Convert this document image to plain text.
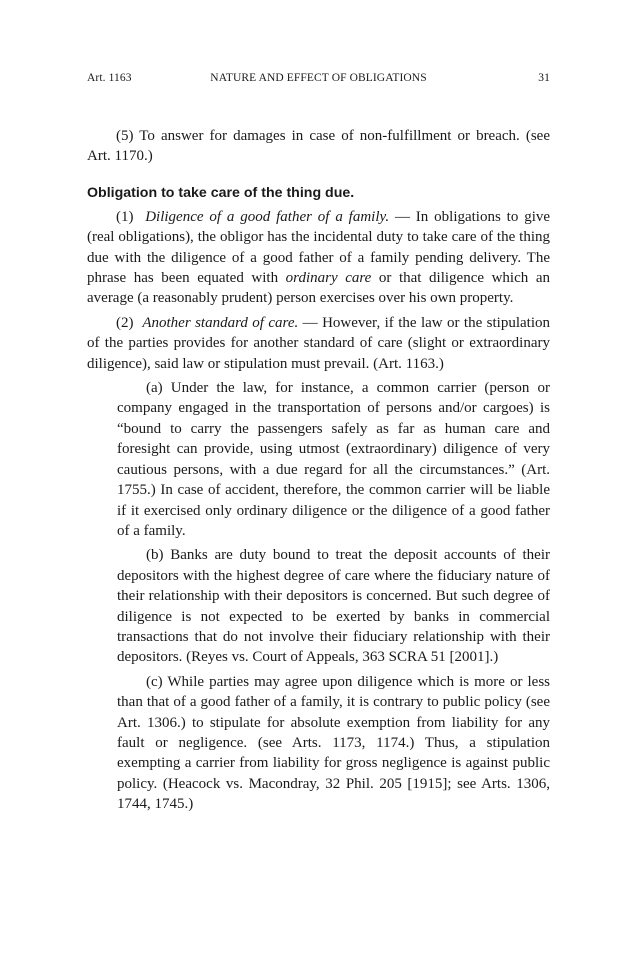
Art. 1163	NATURE AND EFFECT OF OBLIGATIONS	31

(5) To answer for damages in case of non-fulfillment or breach. (see Art. 1170.)

Obligation to take care of the thing due.

(1) Diligence of a good father of a family. — In obligations to give (real obligations), the obligor has the incidental duty to take care of the thing due with the diligence of a good father of a family pending delivery. The phrase has been equated with ordinary care or that diligence which an average (a reasonably prudent) person exercises over his own property.

(2) Another standard of care. — However, if the law or the stipulation of the parties provides for another standard of care (slight or extraordinary diligence), said law or stipulation must prevail. (Art. 1163.)

(a) Under the law, for instance, a common carrier (person or company engaged in the transportation of persons and/or cargoes) is “bound to carry the passengers safely as far as human care and foresight can provide, using utmost (extraordinary) diligence of very cautious persons, with a due regard for all the circumstances.” (Art. 1755.) In case of accident, therefore, the common carrier will be liable if it exercised only ordinary diligence or the diligence of a good father of a family.

(b) Banks are duty bound to treat the deposit accounts of their depositors with the highest degree of care where the fiduciary nature of their relationship with their depositors is concerned. But such degree of diligence is not expected to be exerted by banks in commercial transactions that do not involve their fiduciary relationship with their depositors. (Reyes vs. Court of Appeals, 363 SCRA 51 [2001].)

(c) While parties may agree upon diligence which is more or less than that of a good father of a family, it is contrary to public policy (see Art. 1306.) to stipulate for absolute exemption from liability for any fault or negligence. (see Arts. 1173, 1174.) Thus, a stipulation exempting a carrier from liability for gross negligence is against public policy. (Heacock vs. Macondray, 32 Phil. 205 [1915]; see Arts. 1306, 1744, 1745.)
